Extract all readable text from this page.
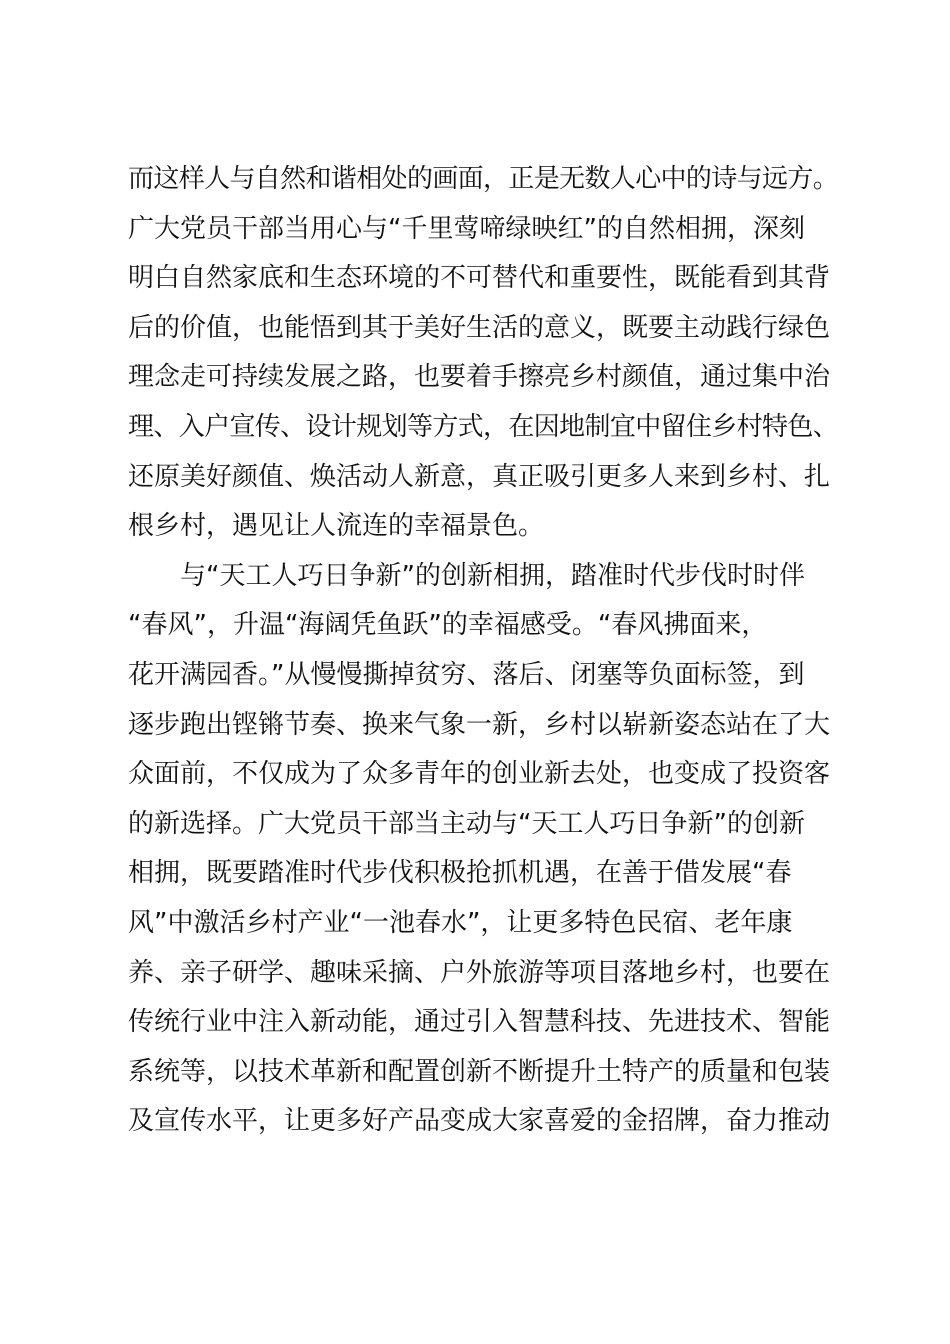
而这样人与自然和谐相处的画面，正是无数人心中的诗与远方。
广大党员干部当用心与“千里莺啼绿映红”的自然相拥，深刻
明白自然家底和生态环境的不可替代和重要性，既能看到其背
后的价值，也能悟到其于美好生活的意义，既要主动践行绿色
理念走可持续发展之路，也要着手擦亮乡村颜值，通过集中治
理、入户宣传、设计规划等方式，在因地制宜中留住乡村特色、
还原美好颜值、焕活动人新意，真正吸引更多人来到乡村、扎
根乡村，遇见让人流连的幸福景色。
与“天工人巧日争新”的创新相拥，踏准时代步伐时时伴
“春风”，升温“海阔凭鱼跃”的幸福感受。“春风拂面来，
花开满园香。”从慢慢撕掉贫穷、落后、闭塞等负面标签，到
逐步跑出铿锵节奏、换来气象一新，乡村以崭新姿态站在了大
众面前，不仅成为了众多青年的创业新去处，也变成了投资客
的新选择。广大党员干部当主动与“天工人巧日争新”的创新
相拥，既要踏准时代步伐积极抢抓机遇，在善于借发展“春
风”中激活乡村产业“一池春水”，让更多特色民宿、老年康
养、亲子研学、趣味采摘、户外旅游等项目落地乡村，也要在
传统行业中注入新动能，通过引入智慧科技、先进技术、智能
系统等，以技术革新和配置创新不断提升土特产的质量和包装
及宣传水平，让更多好产品变成大家喜爱的金招牌，奋力推动
